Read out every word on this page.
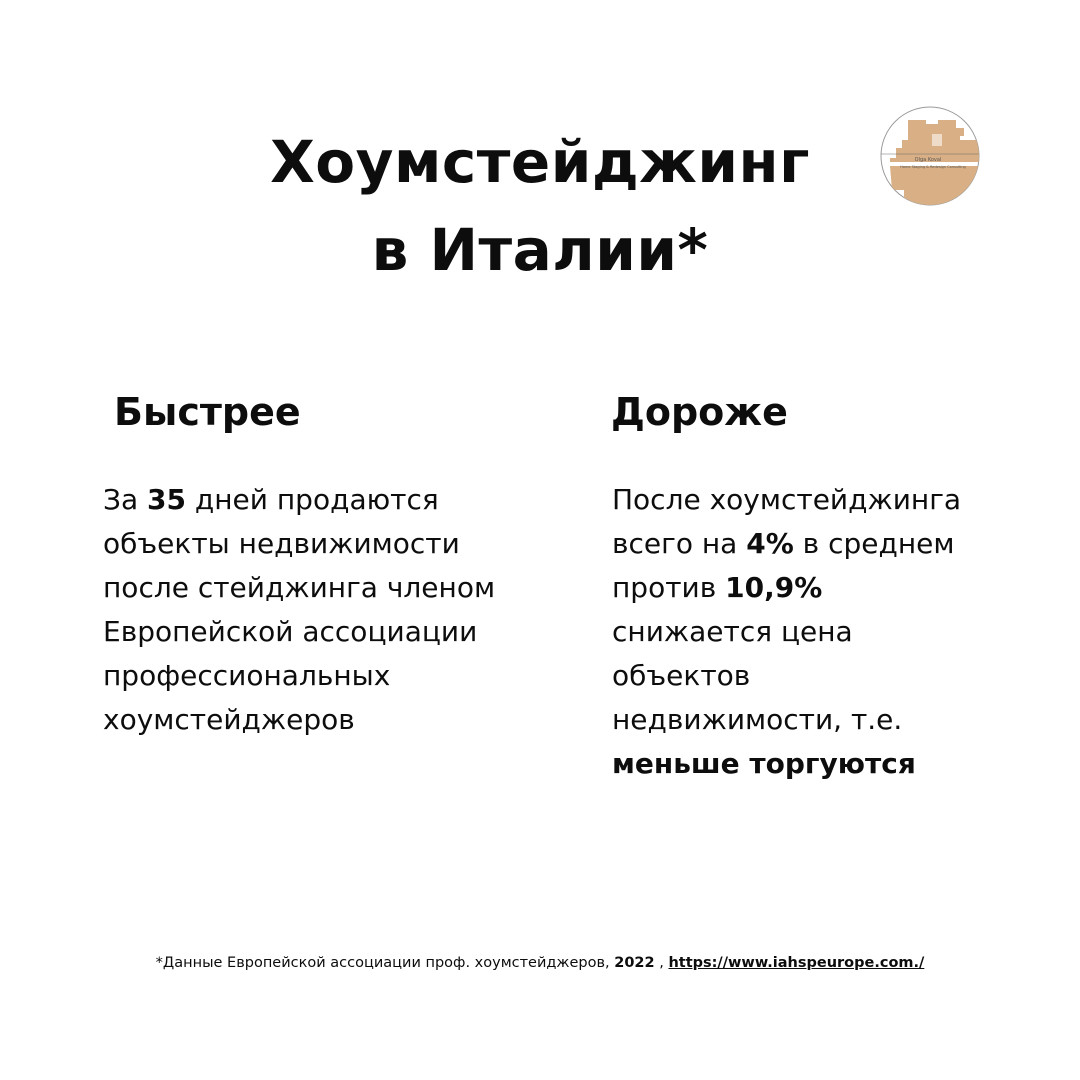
Хоумстейджинг
в Италии*
Olga Koval
Home Staging & Redesign Consulting
Быстрее	Дороже

За 35 дней продаются
объекты недвижимости
после стейджинга членом
Европейской ассоциации
профессиональных
хоумстейджеров

После хоумстейджинга
всего на 4% в среднем
против 10,9%
снижается цена
объектов
недвижимости, т.е.
меньше торгуются

*Данные Европейской ассоциации проф. хоумстейджеров, 2022 , https://www.iahspeurope.com./
